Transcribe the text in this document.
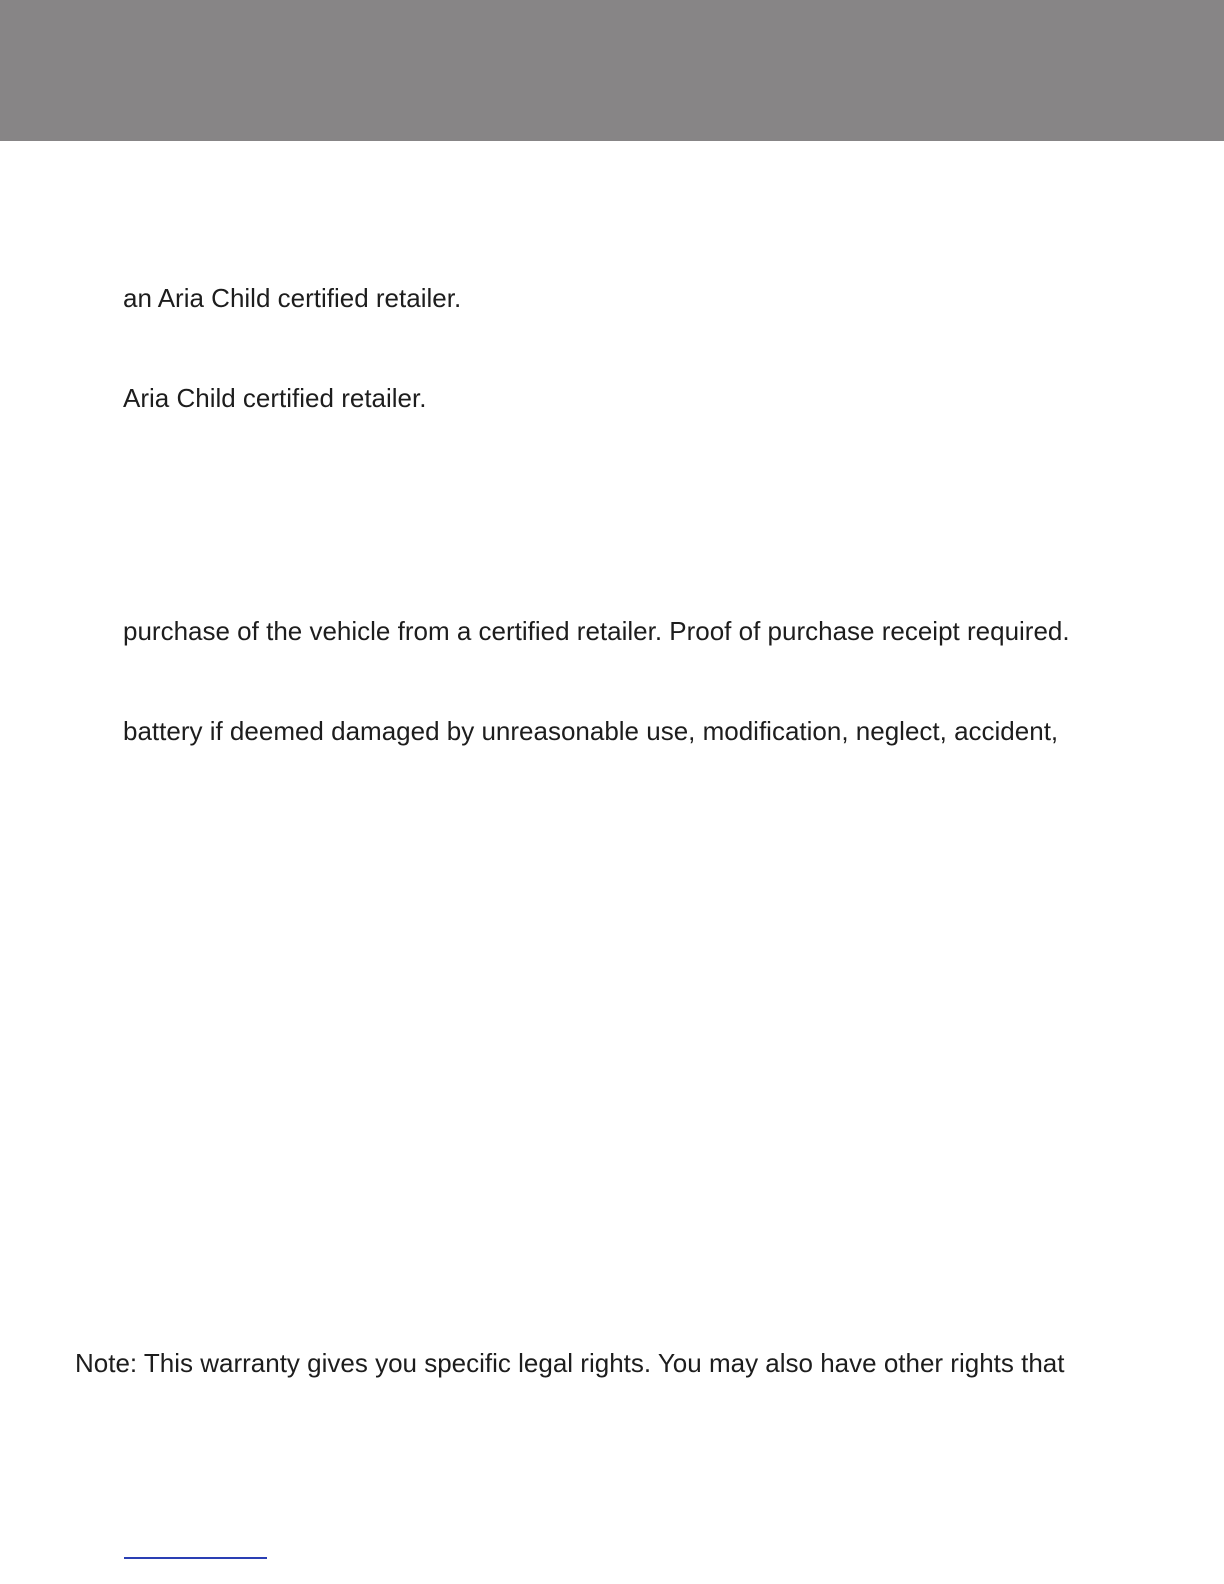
an Aria Child certified retailer.
Aria Child certified retailer.
purchase of the vehicle from a certified retailer. Proof of purchase receipt required.
battery if deemed damaged by unreasonable use, modification, neglect, accident,
Note: This warranty gives you specific legal rights. You may also have other rights that
